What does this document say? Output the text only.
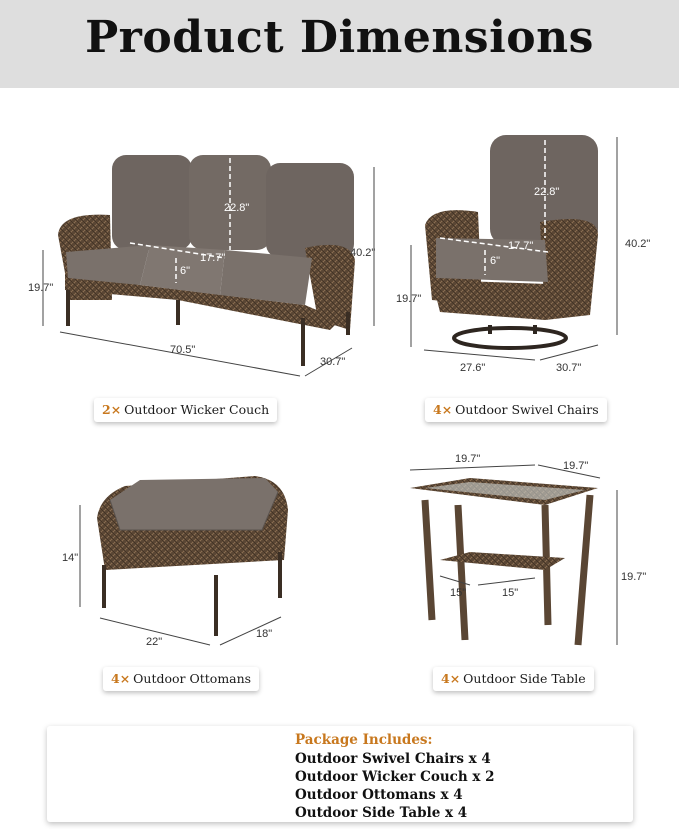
Product Dimensions
22.8"
17.7"
6"
40.2"
19.7"
70.5"
30.7"
22.8"
17.7"
6"
40.2"
19.7"
27.6"	30.7"
14"
22"
18"
19.7"
19.7"
19.7"
15"	15"
2× Outdoor Wicker Couch	4× Outdoor Swivel Chairs
4× Outdoor Ottomans	4× Outdoor Side Table
Package Includes:
Outdoor Swivel Chairs x 4
Outdoor Wicker Couch x 2
Outdoor Ottomans x 4
Outdoor Side Table x 4
